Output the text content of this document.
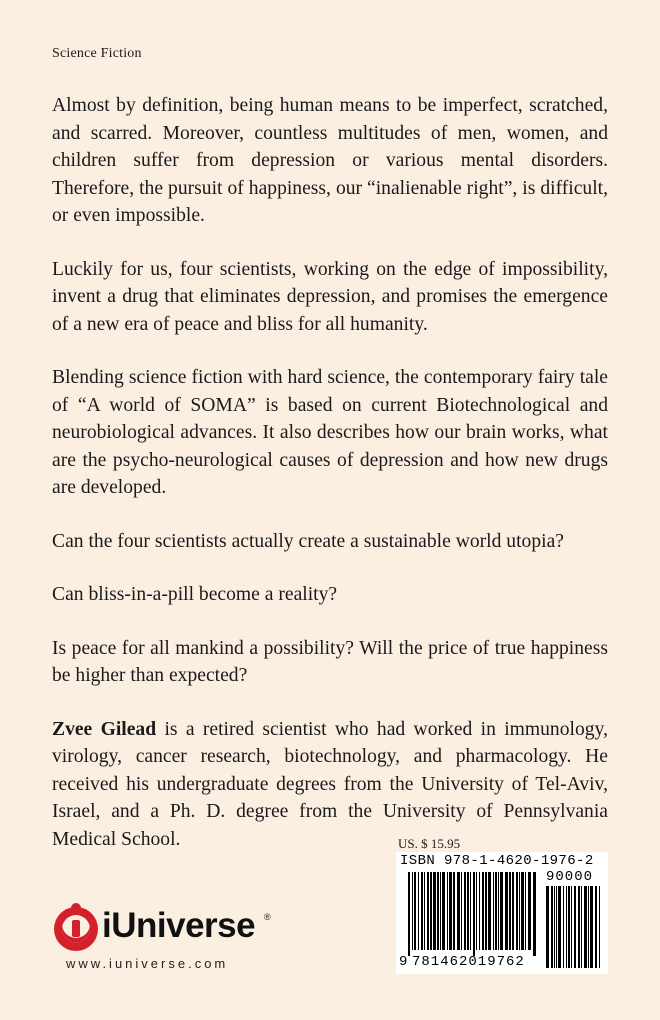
Science Fiction

Almost by definition, being human means to be imperfect, scratched, and scarred. Moreover, countless multitudes of men, women, and children suffer from depression or various mental disorders. Therefore, the pursuit of happiness, our “inalienable right”, is difficult, or even impossible.

Luckily for us, four scientists, working on the edge of impossibility, invent a drug that eliminates depression, and promises the emergence of a new era of peace and bliss for all humanity.

Blending science fiction with hard science, the contemporary fairy tale of “A world of SOMA” is based on current Biotechnological and neurobiological advances. It also describes how our brain works, what are the psycho-neurological causes of depression and how new drugs are developed.

Can the four scientists actually create a sustainable world utopia?

Can bliss-in-a-pill become a reality?

Is peace for all mankind a possibility? Will the price of true happiness be higher than expected?

Zvee Gilead is a retired scientist who had worked in immunology, virology, cancer research, biotechnology, and pharmacology. He received his undergraduate degrees from the University of Tel-Aviv, Israel, and a Ph. D. degree from the University of Pennsylvania Medical School.

iUniverse ®
www.iuniverse.com
US. $ 15.95
ISBN 978-1-4620-1976-2
90000
9 781462019762
